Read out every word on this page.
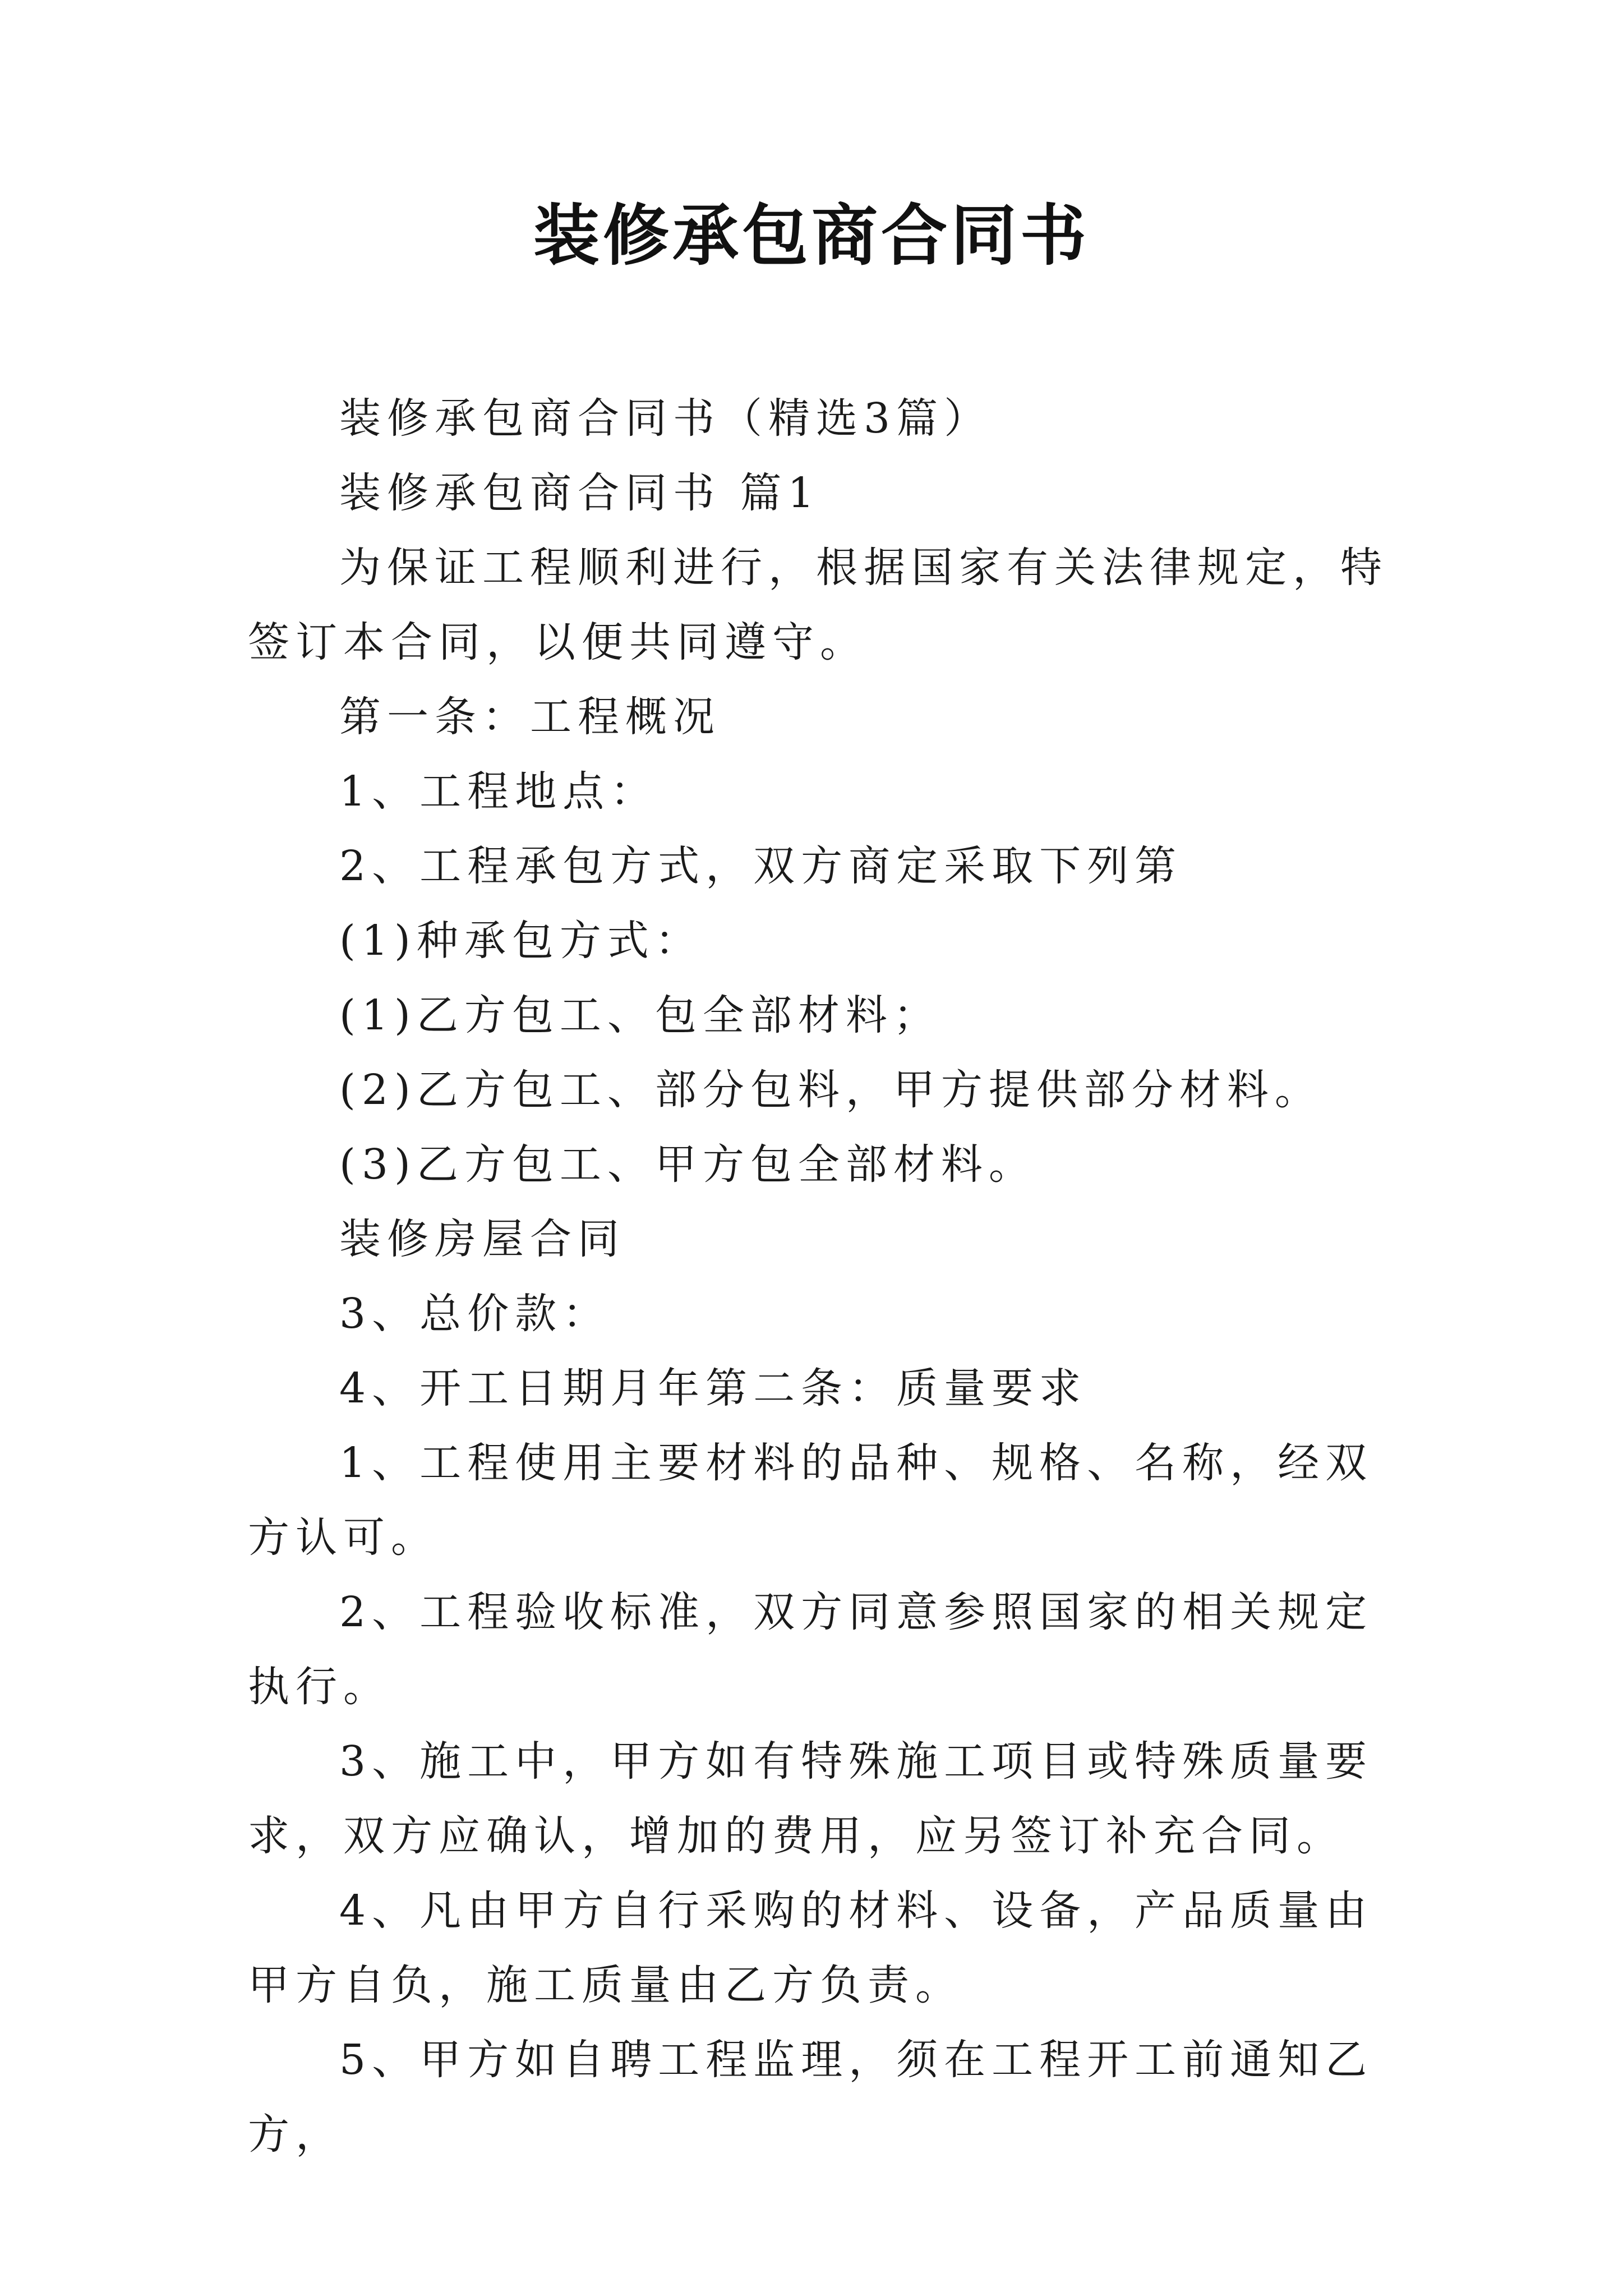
装修承包商合同书

装修承包商合同书（精选3篇）

装修承包商合同书 篇1

为保证工程顺利进行，根据国家有关法律规定，特签订本合同，以便共同遵守。

第一条：工程概况

1、工程地点：

2、工程承包方式，双方商定采取下列第

(1)种承包方式：

(1)乙方包工、包全部材料；

(2)乙方包工、部分包料，甲方提供部分材料。

(3)乙方包工、甲方包全部材料。

装修房屋合同

3、总价款：

4、开工日期月年第二条：质量要求

1、工程使用主要材料的品种、规格、名称，经双方认可。

2、工程验收标准，双方同意参照国家的相关规定执行。

3、施工中，甲方如有特殊施工项目或特殊质量要求，双方应确认，增加的费用，应另签订补充合同。

4、凡由甲方自行采购的材料、设备，产品质量由甲方自负，施工质量由乙方负责。

5、甲方如自聘工程监理，须在工程开工前通知乙方，
